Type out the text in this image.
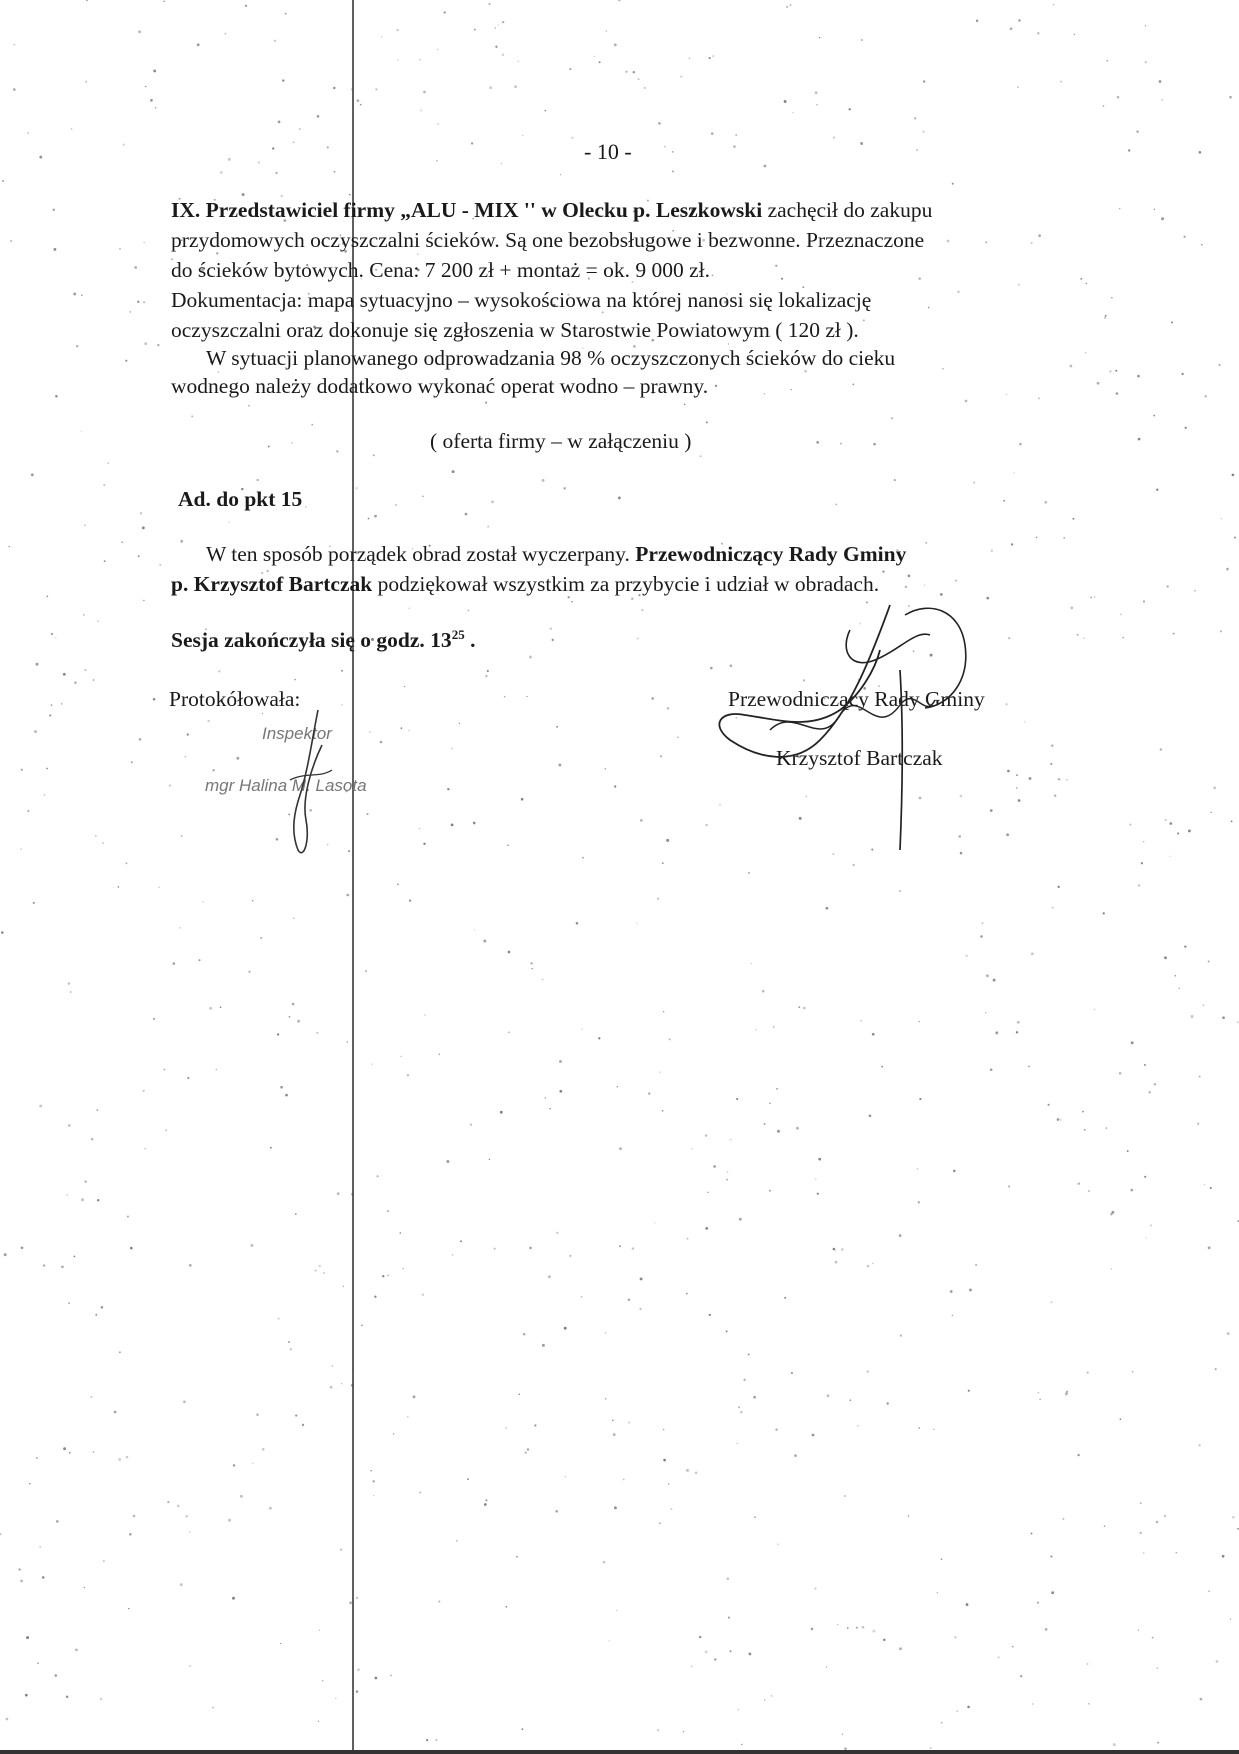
- 10 -
IX. Przedstawiciel firmy „ALU - MIX '' w Olecku p. Leszkowski zachęcił do zakupu
przydomowych oczyszczalni ścieków. Są one bezobsługowe i bezwonne. Przeznaczone
do ścieków bytowych. Cena: 7 200 zł + montaż = ok. 9 000 zł.
Dokumentacja: mapa sytuacyjno – wysokościowa na której nanosi się lokalizację
oczyszczalni oraz dokonuje się zgłoszenia w Starostwie Powiatowym ( 120 zł ).
W sytuacji planowanego odprowadzania 98 % oczyszczonych ścieków do cieku
wodnego należy dodatkowo wykonać operat wodno – prawny.
( oferta firmy – w załączeniu )
Ad. do pkt 15
W ten sposób porządek obrad został wyczerpany. Przewodniczący Rady Gminy
p. Krzysztof Bartczak podziękował wszystkim za przybycie i udział w obradach.
Sesja zakończyła się o godz. $13^{25}$ .
Protokółowała:
Inspektor
mgr Halina M. Lasota
Przewodniczący Rady Gminy
Krzysztof Bartczak
